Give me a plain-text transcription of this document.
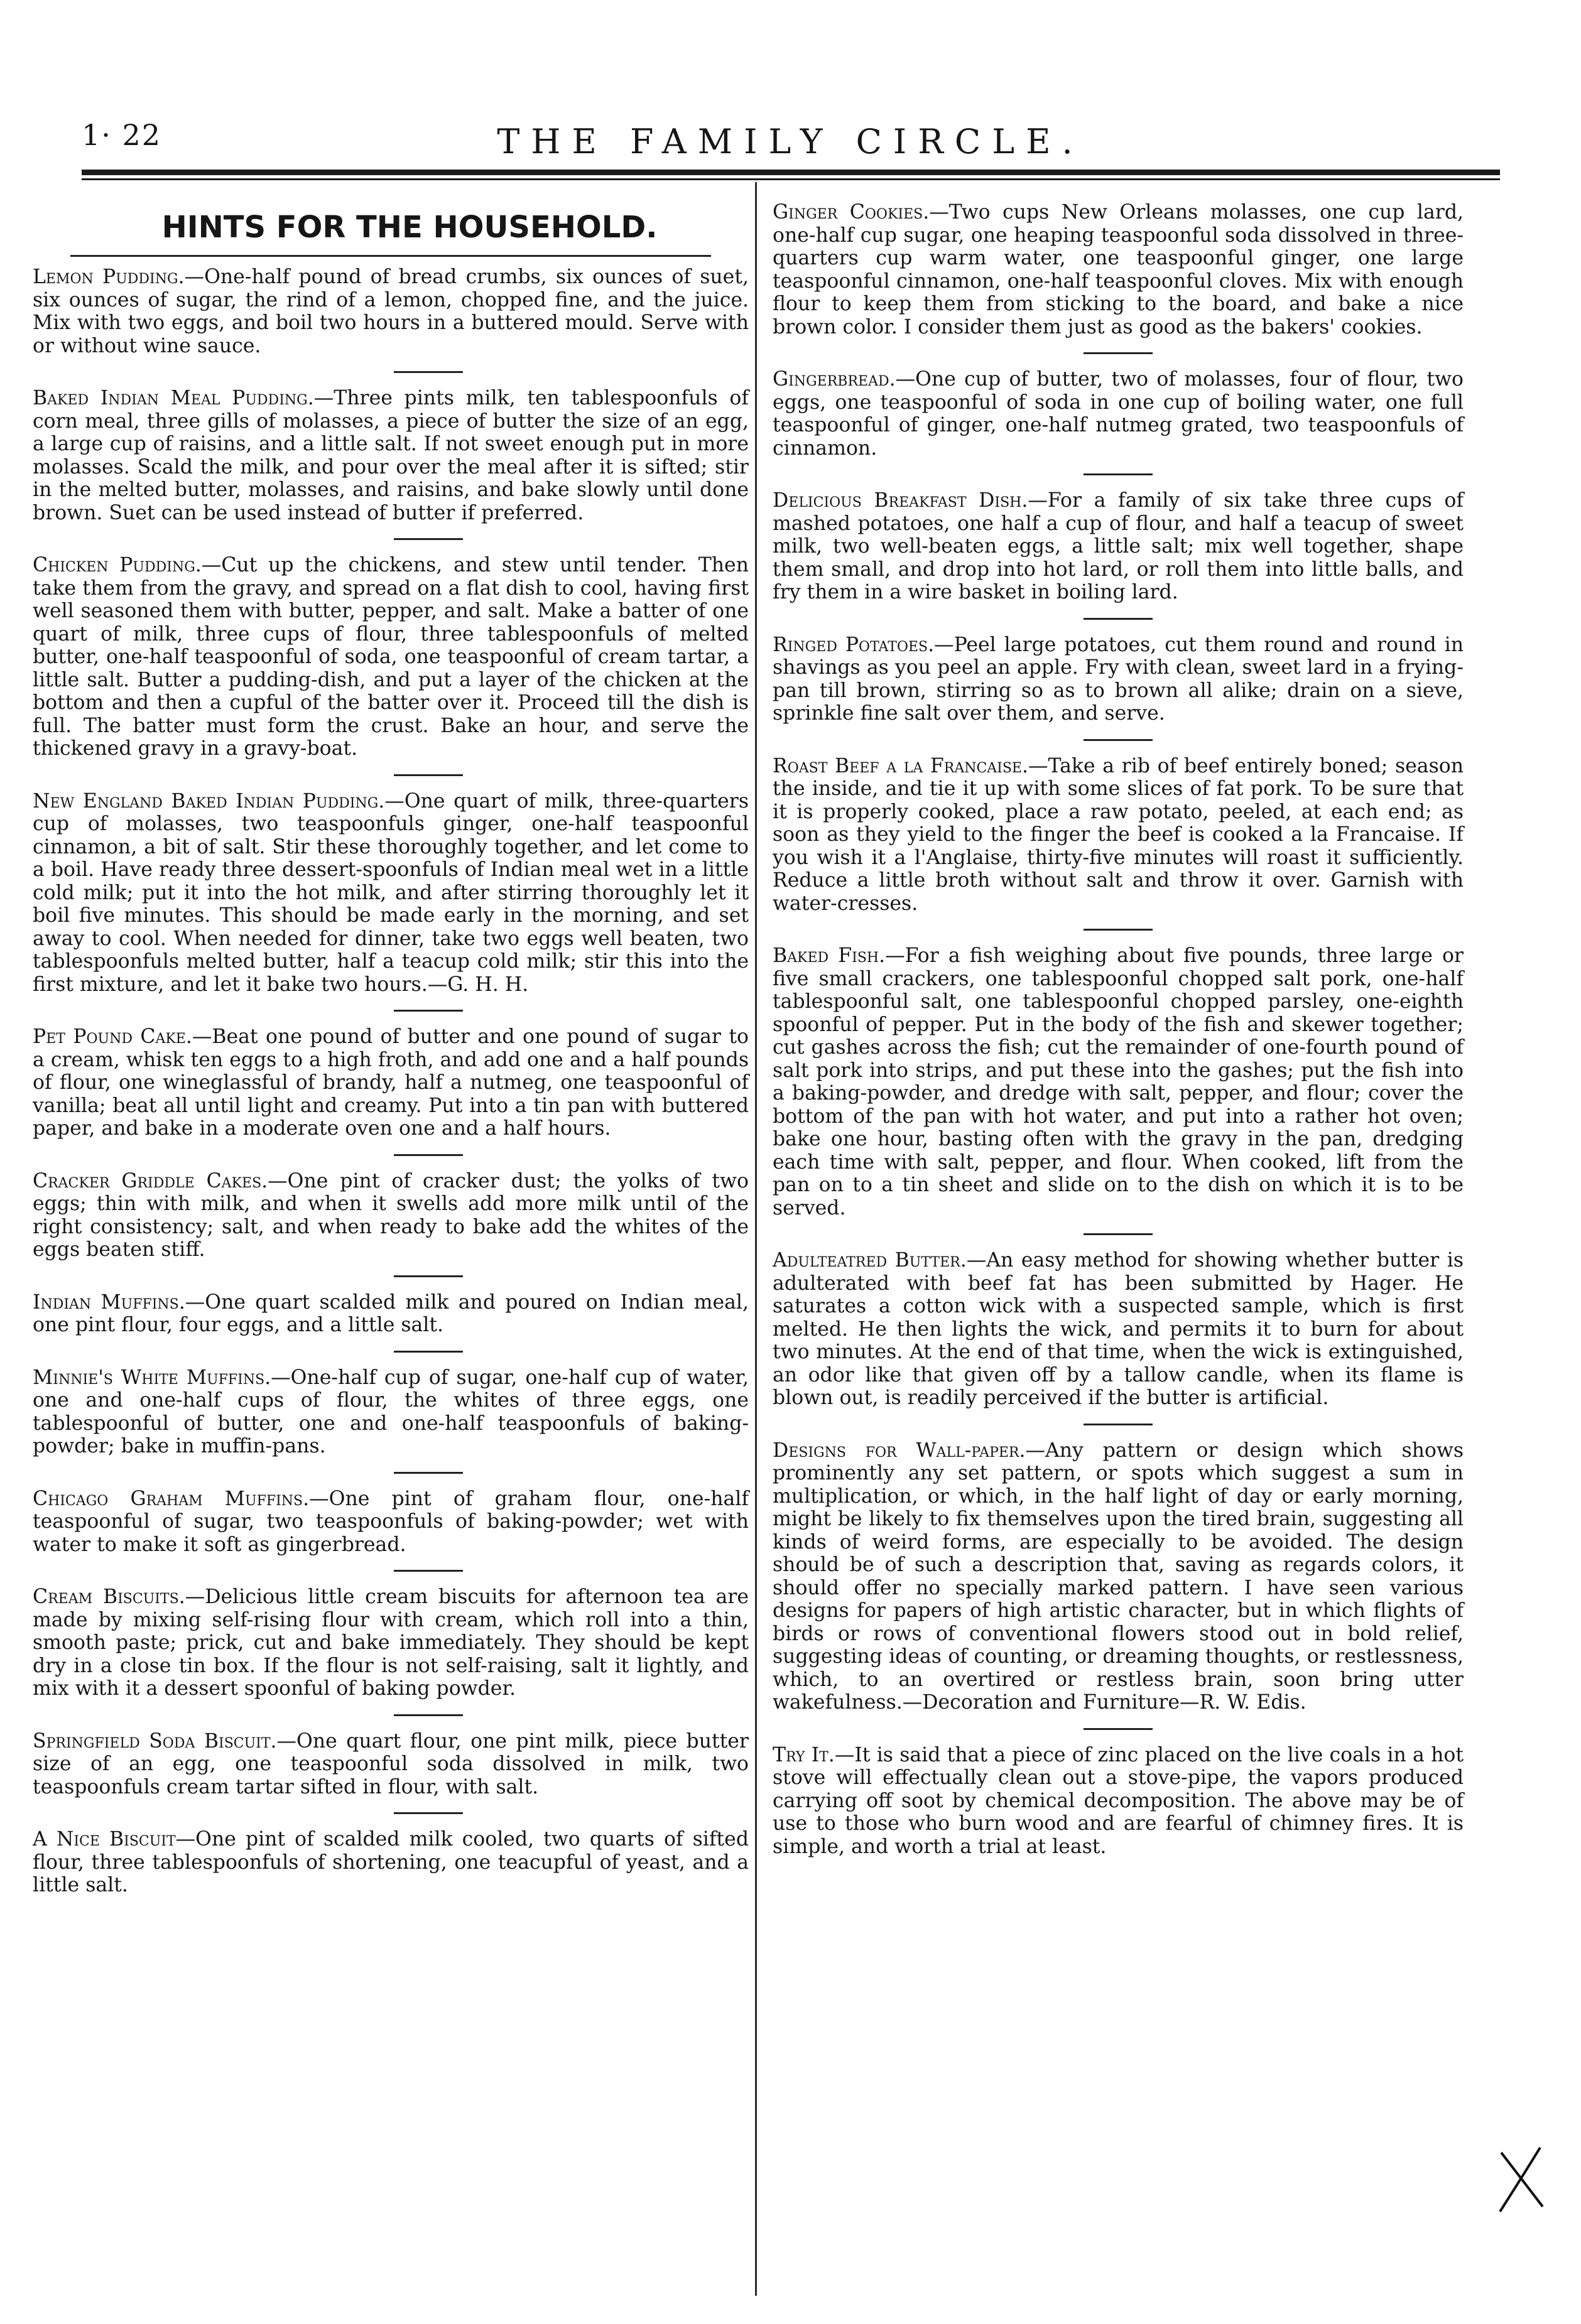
1· 22	THE FAMILY CIRCLE.
HINTS FOR THE HOUSEHOLD.

Lemon Pudding.—One-half pound of bread crumbs, six ounces of suet, six ounces of sugar, the rind of a lemon, chopped fine, and the juice. Mix with two eggs, and boil two hours in a buttered mould. Serve with or without wine sauce.

Baked Indian Meal Pudding.—Three pints milk, ten tablespoonfuls of corn meal, three gills of molasses, a piece of butter the size of an egg, a large cup of raisins, and a little salt. If not sweet enough put in more molasses. Scald the milk, and pour over the meal after it is sifted; stir in the melted butter, molasses, and raisins, and bake slowly until done brown. Suet can be used instead of butter if preferred.

Chicken Pudding.—Cut up the chickens, and stew until tender. Then take them from the gravy, and spread on a flat dish to cool, having first well seasoned them with butter, pepper, and salt. Make a batter of one quart of milk, three cups of flour, three tablespoonfuls of melted butter, one-half teaspoonful of soda, one teaspoonful of cream tartar, a little salt. Butter a pudding-dish, and put a layer of the chicken at the bottom and then a cupful of the batter over it. Proceed till the dish is full. The batter must form the crust. Bake an hour, and serve the thickened gravy in a gravy-boat.

New England Baked Indian Pudding.—One quart of milk, three-quarters cup of molasses, two teaspoonfuls ginger, one-half teaspoonful cinnamon, a bit of salt. Stir these thoroughly together, and let come to a boil. Have ready three dessert-spoonfuls of Indian meal wet in a little cold milk; put it into the hot milk, and after stirring thoroughly let it boil five minutes. This should be made early in the morning, and set away to cool. When needed for dinner, take two eggs well beaten, two tablespoonfuls melted butter, half a teacup cold milk; stir this into the first mixture, and let it bake two hours.—G. H. H.

Pet Pound Cake.—Beat one pound of butter and one pound of sugar to a cream, whisk ten eggs to a high froth, and add one and a half pounds of flour, one wineglassful of brandy, half a nutmeg, one teaspoonful of vanilla; beat all until light and creamy. Put into a tin pan with buttered paper, and bake in a moderate oven one and a half hours.

Cracker Griddle Cakes.—One pint of cracker dust; the yolks of two eggs; thin with milk, and when it swells add more milk until of the right consistency; salt, and when ready to bake add the whites of the eggs beaten stiff.

Indian Muffins.—One quart scalded milk and poured on Indian meal, one pint flour, four eggs, and a little salt.

Minnie's White Muffins.—One-half cup of sugar, one-half cup of water, one and one-half cups of flour, the whites of three eggs, one tablespoonful of butter, one and one-half teaspoonfuls of baking-powder; bake in muffin-pans.

Chicago Graham Muffins.—One pint of graham flour, one-half teaspoonful of sugar, two teaspoonfuls of baking-powder; wet with water to make it soft as gingerbread.

Cream Biscuits.—Delicious little cream biscuits for afternoon tea are made by mixing self-rising flour with cream, which roll into a thin, smooth paste; prick, cut and bake immediately. They should be kept dry in a close tin box. If the flour is not self-raising, salt it lightly, and mix with it a dessert spoonful of baking powder.

Springfield Soda Biscuit.—One quart flour, one pint milk, piece butter size of an egg, one teaspoonful soda dissolved in milk, two teaspoonfuls cream tartar sifted in flour, with salt.

A Nice Biscuit—One pint of scalded milk cooled, two quarts of sifted flour, three tablespoonfuls of shortening, one teacupful of yeast, and a little salt.

Ginger Cookies.—Two cups New Orleans molasses, one cup lard, one-half cup sugar, one heaping teaspoonful soda dissolved in three-quarters cup warm water, one teaspoonful ginger, one large teaspoonful cinnamon, one-half teaspoonful cloves. Mix with enough flour to keep them from sticking to the board, and bake a nice brown color. I consider them just as good as the bakers' cookies.

Gingerbread.—One cup of butter, two of molasses, four of flour, two eggs, one teaspoonful of soda in one cup of boiling water, one full teaspoonful of ginger, one-half nutmeg grated, two teaspoonfuls of cinnamon.

Delicious Breakfast Dish.—For a family of six take three cups of mashed potatoes, one half a cup of flour, and half a teacup of sweet milk, two well-beaten eggs, a little salt; mix well together, shape them small, and drop into hot lard, or roll them into little balls, and fry them in a wire basket in boiling lard.

Ringed Potatoes.—Peel large potatoes, cut them round and round in shavings as you peel an apple. Fry with clean, sweet lard in a frying-pan till brown, stirring so as to brown all alike; drain on a sieve, sprinkle fine salt over them, and serve.

Roast Beef a la Francaise.—Take a rib of beef entirely boned; season the inside, and tie it up with some slices of fat pork. To be sure that it is properly cooked, place a raw potato, peeled, at each end; as soon as they yield to the finger the beef is cooked a la Francaise. If you wish it a l'Anglaise, thirty-five minutes will roast it sufficiently. Reduce a little broth without salt and throw it over. Garnish with water-cresses.

Baked Fish.—For a fish weighing about five pounds, three large or five small crackers, one tablespoonful chopped salt pork, one-half tablespoonful salt, one tablespoonful chopped parsley, one-eighth spoonful of pepper. Put in the body of the fish and skewer together; cut gashes across the fish; cut the remainder of one-fourth pound of salt pork into strips, and put these into the gashes; put the fish into a baking-powder, and dredge with salt, pepper, and flour; cover the bottom of the pan with hot water, and put into a rather hot oven; bake one hour, basting often with the gravy in the pan, dredging each time with salt, pepper, and flour. When cooked, lift from the pan on to a tin sheet and slide on to the dish on which it is to be served.

Adulteatred Butter.—An easy method for showing whether butter is adulterated with beef fat has been submitted by Hager. He saturates a cotton wick with a suspected sample, which is first melted. He then lights the wick, and permits it to burn for about two minutes. At the end of that time, when the wick is extinguished, an odor like that given off by a tallow candle, when its flame is blown out, is readily perceived if the butter is artificial.

Designs for Wall-paper.—Any pattern or design which shows prominently any set pattern, or spots which suggest a sum in multiplication, or which, in the half light of day or early morning, might be likely to fix themselves upon the tired brain, suggesting all kinds of weird forms, are especially to be avoided. The design should be of such a description that, saving as regards colors, it should offer no specially marked pattern. I have seen various designs for papers of high artistic character, but in which flights of birds or rows of conventional flowers stood out in bold relief, suggesting ideas of counting, or dreaming thoughts, or restlessness, which, to an overtired or restless brain, soon bring utter wakefulness.—Decoration and Furniture—R. W. Edis.

Try It.—It is said that a piece of zinc placed on the live coals in a hot stove will effectually clean out a stove-pipe, the vapors produced carrying off soot by chemical decomposition. The above may be of use to those who burn wood and are fearful of chimney fires. It is simple, and worth a trial at least.
